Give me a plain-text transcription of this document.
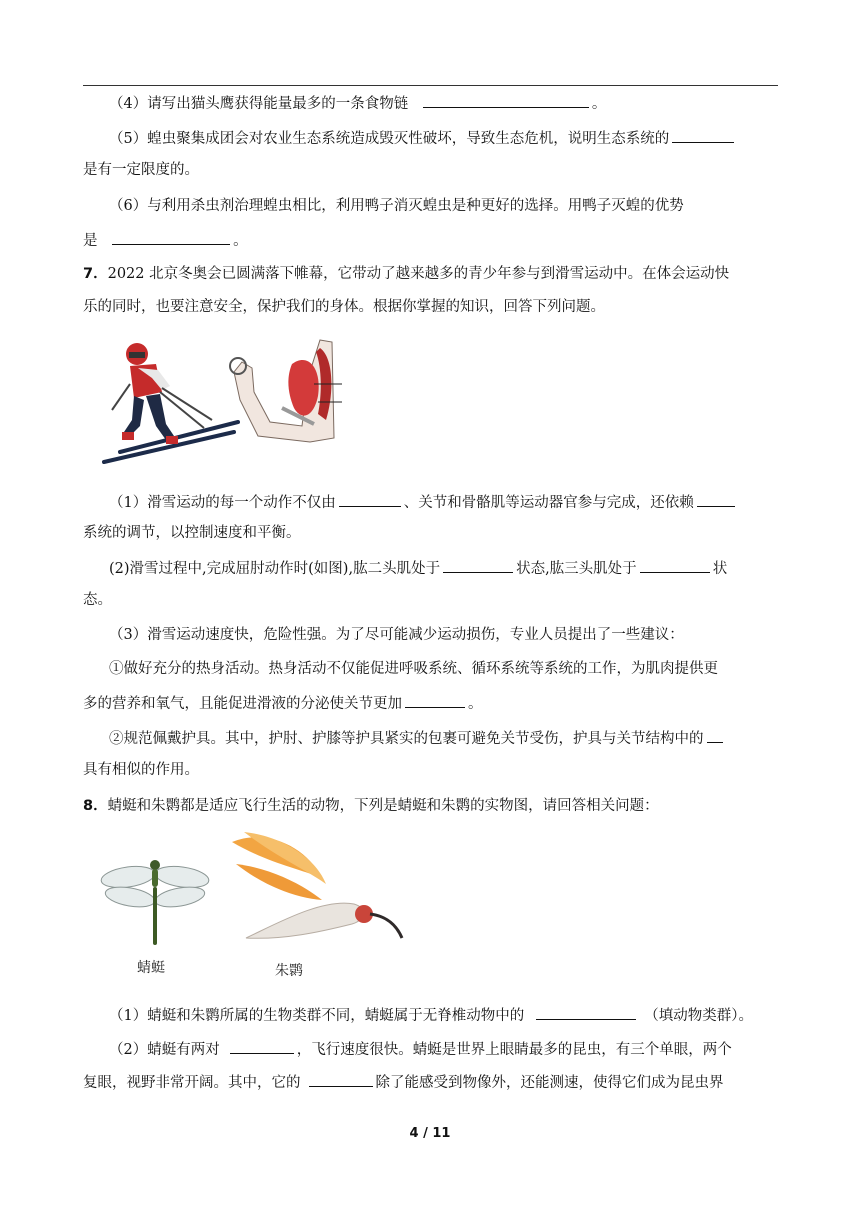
（4）请写出猫头鹰获得能量最多的一条食物链	。
（5）蝗虫聚集成团会对农业生态系统造成毁灭性破坏，导致生态危机，说明生态系统的
是有一定限度的。
（6）与利用杀虫剂治理蝗虫相比，利用鸭子消灭蝗虫是种更好的选择。用鸭子灭蝗的优势
是	。
7．2022 北京冬奥会已圆满落下帷幕，它带动了越来越多的青少年参与到滑雪运动中。在体会运动快
乐的同时，也要注意安全，保护我们的身体。根据你掌握的知识，回答下列问题。
（1）滑雪运动的每一个动作不仅由	、关节和骨骼肌等运动器官参与完成，还依赖
系统的调节，以控制速度和平衡。
(2)滑雪过程中,完成屈肘动作时(如图),肱二头肌处于	状态,肱三头肌处于	状
态。
（3）滑雪运动速度快，危险性强。为了尽可能减少运动损伤，专业人员提出了一些建议：
①做好充分的热身活动。热身活动不仅能促进呼吸系统、循环系统等系统的工作，为肌肉提供更
多的营养和氧气，且能促进滑液的分泌使关节更加	。
②规范佩戴护具。其中，护肘、护膝等护具紧实的包裹可避免关节受伤，护具与关节结构中的
具有相似的作用。
8．蜻蜓和朱鹮都是适应飞行生活的动物，下列是蜻蜓和朱鹮的实物图，请回答相关问题：
蜻蜓	朱鹮
（1）蜻蜓和朱鹮所属的生物类群不同，蜻蜓属于无脊椎动物中的	（填动物类群）。
（2）蜻蜓有两对	，飞行速度很快。蜻蜓是世界上眼睛最多的昆虫，有三个单眼，两个
复眼，视野非常开阔。其中，它的	除了能感受到物像外，还能测速，使得它们成为昆虫界
4 / 11
